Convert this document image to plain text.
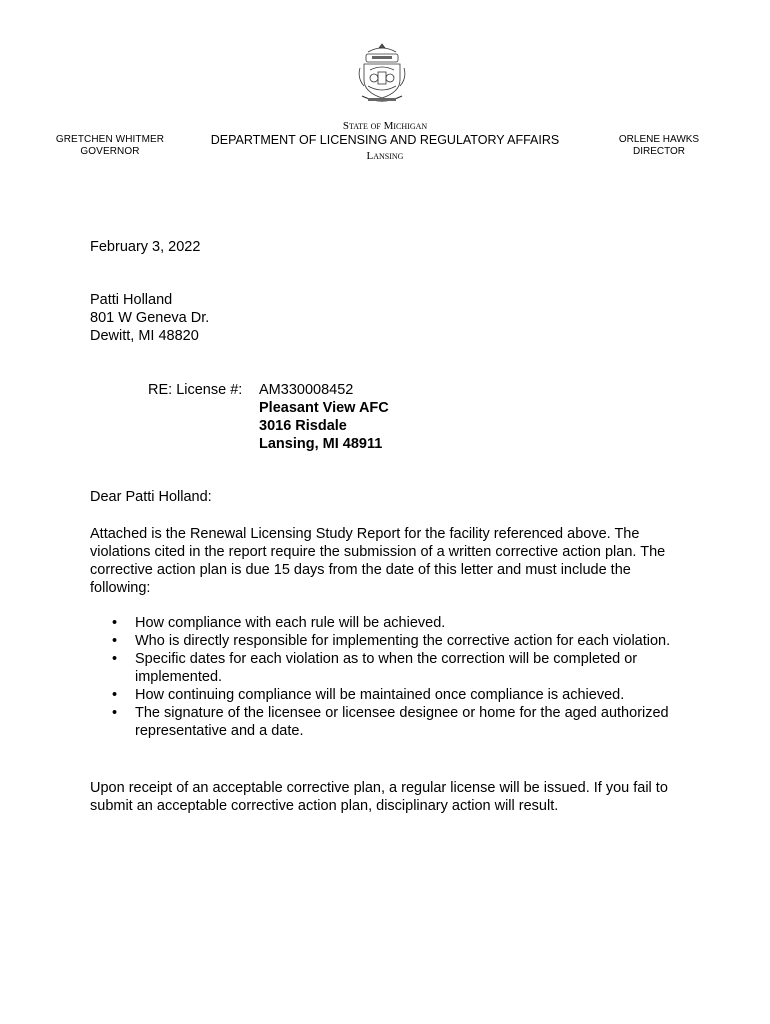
GRETCHEN WHITMER
GOVERNOR
State of Michigan
DEPARTMENT OF LICENSING AND REGULATORY AFFAIRS
Lansing
ORLENE HAWKS
DIRECTOR
February 3, 2022
Patti Holland
801 W Geneva Dr.
Dewitt, MI 48820
RE: License #: AM330008452
Pleasant View AFC
3016 Risdale
Lansing, MI 48911
Dear Patti Holland:

Attached is the Renewal Licensing Study Report for the facility referenced above. The violations cited in the report require the submission of a written corrective action plan. The corrective action plan is due 15 days from the date of this letter and must include the following:

• How compliance with each rule will be achieved.
• Who is directly responsible for implementing the corrective action for each violation.
• Specific dates for each violation as to when the correction will be completed or implemented.
• How continuing compliance will be maintained once compliance is achieved.
• The signature of the licensee or licensee designee or home for the aged authorized representative and a date.

Upon receipt of an acceptable corrective plan, a regular license will be issued. If you fail to submit an acceptable corrective action plan, disciplinary action will result.
